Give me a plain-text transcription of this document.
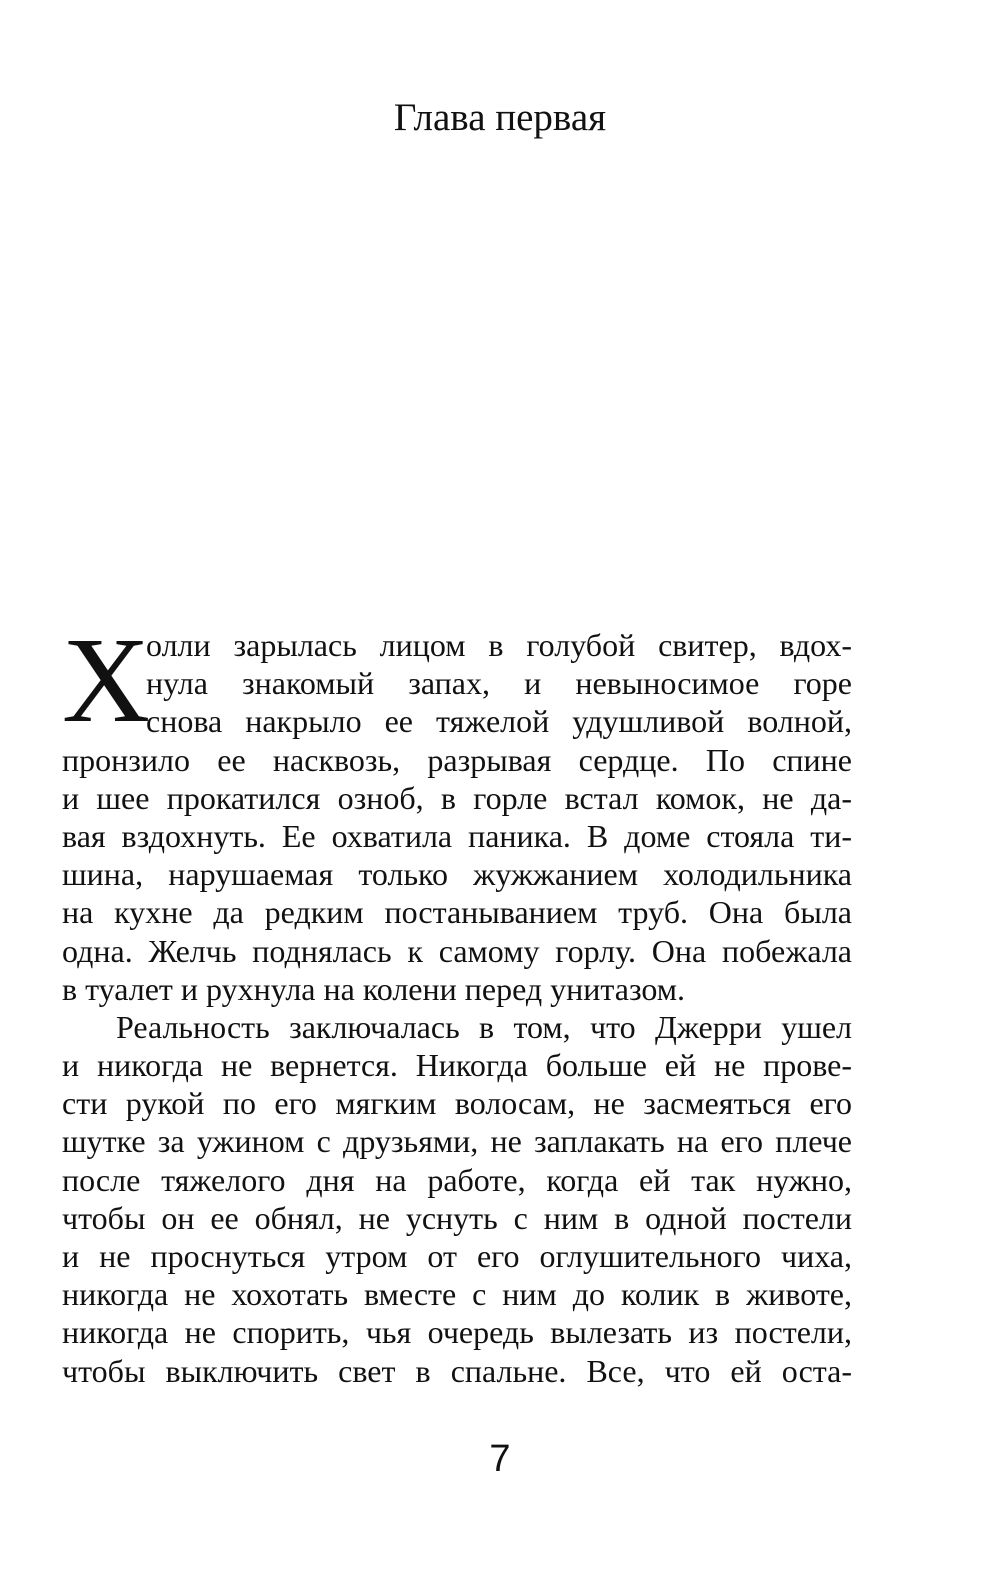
Глава первая
Х
олли зарылась лицом в голубой свитер, вдох-
нула знакомый запах, и невыносимое горе
снова накрыло ее тяжелой удушливой волной,
пронзило ее насквозь, разрывая сердце. По спине
и шее прокатился озноб, в горле встал комок, не да-
вая вздохнуть. Ее охватила паника. В доме стояла ти-
шина, нарушаемая только жужжанием холодильника
на кухне да редким постаныванием труб. Она была
одна. Желчь поднялась к самому горлу. Она побежала
в туалет и рухнула на колени перед унитазом.
Реальность заключалась в том, что Джерри ушел
и никогда не вернется. Никогда больше ей не прове-
сти рукой по его мягким волосам, не засмеяться его
шутке за ужином с друзьями, не заплакать на его плече
после тяжелого дня на работе, когда ей так нужно,
чтобы он ее обнял, не уснуть с ним в одной постели
и не проснуться утром от его оглушительного чиха,
никогда не хохотать вместе с ним до колик в животе,
никогда не спорить, чья очередь вылезать из постели,
чтобы выключить свет в спальне. Все, что ей оста-
7
